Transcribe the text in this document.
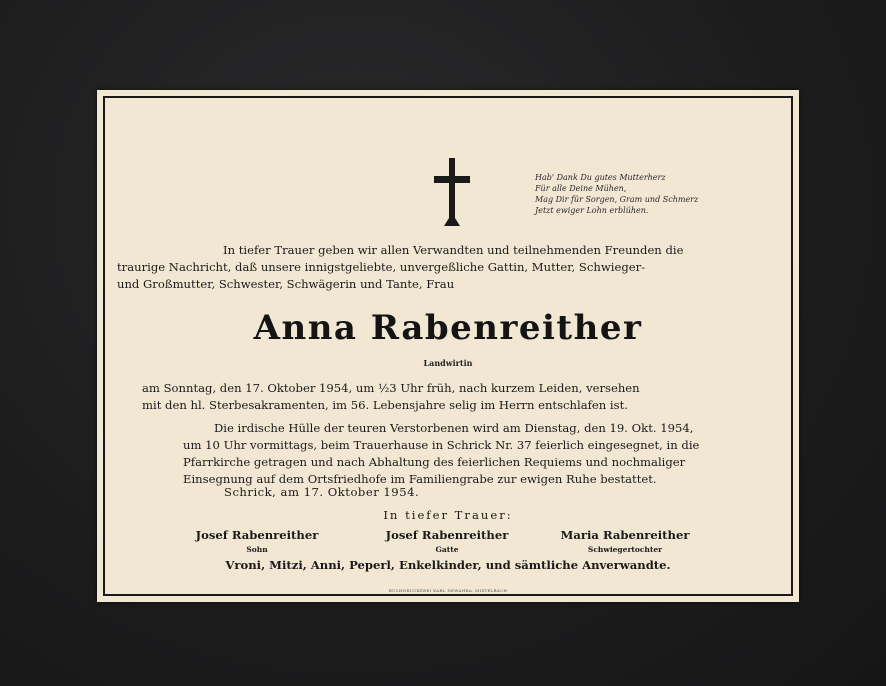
Hab' Dank Du gutes Mutterherz
Für alle Deine Mühen,
Mag Dir für Sorgen, Gram und Schmerz
Jetzt ewiger Lohn erblühen.
In tiefer Trauer geben wir allen Verwandten und teilnehmenden Freunden die
traurige Nachricht, daß unsere innigstgeliebte, unvergeßliche Gattin, Mutter, Schwieger-
und Großmutter, Schwester, Schwägerin und Tante, Frau
Anna Rabenreither
Landwirtin
am Sonntag, den 17. Oktober 1954, um ½3 Uhr früh, nach kurzem Leiden, versehen
mit den hl. Sterbesakramenten, im 56. Lebensjahre selig im Herrn entschlafen ist.
Die irdische Hülle der teuren Verstorbenen wird am Dienstag, den 19. Okt. 1954,
um 10 Uhr vormittags, beim Trauerhause in Schrick Nr. 37 feierlich eingesegnet, in die
Pfarrkirche getragen und nach Abhaltung des feierlichen Requiems und nochmaliger
Einsegnung auf dem Ortsfriedhofe im Familiengrabe zur ewigen Ruhe bestattet.
Schrick, am 17. Oktober 1954.
In tiefer Trauer:
Josef Rabenreither
Sohn
Josef Rabenreither
Gatte
Maria Rabenreither
Schwiegertochter
Vroni, Mitzi, Anni, Peperl, Enkelkinder, und sämtliche Anverwandte.
BUCHDRUCKEREI KARL NEWAHRA, MISTELBACH
